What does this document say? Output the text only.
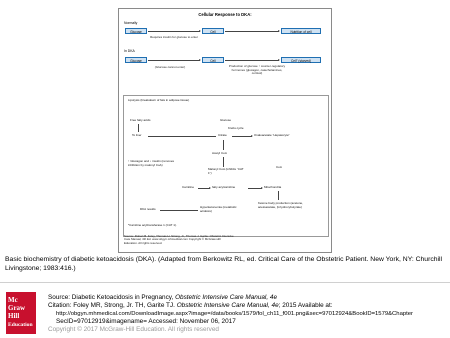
Cellular Response to DKA:
Normally
Glucose	Cell	Nutrition of cell
Requires insulin for glucose to enter
In DKA
Glucose	Cell	Cell” (starved)
(Glucose cannot enter)	Production of glucose ↑ counter-regulatory hormones (glucagon, catecholamines, cortisol)
Lipolysis (breakdown of fats in adipose tissue)
Free fatty acids
To liver
Glucose
Krebs cycle
Citrate	Oxaloacetate “Hepatocyte”
Acetyl CoA
↑ Glucagon and ↓ insulin (removes inhibition by malonyl CoA)
Malonyl CoA (inhibits “CAT 1”)
CoA
Carnitine	fatty acylcarnitine	Mitochondria
Ketone body production (acetone, acetoacetate, β-hydroxybutyrate)
DKA results	Hyperketonemia (metabolic acidosis)
*Carnitine acyltransferase 1 (CAT 1).
Source: Robert B. Foley, Thomas H. Strong, Jr., Thomas J. Garite: Obstetric Intensive Care Manual, 4th Ed. www.obgyn.mhmedical.com Copyright © McGraw-Hill Education. All rights reserved.
Basic biochemistry of diabetic ketoacidosis (DKA). (Adapted from Berkowitz RL, ed. Critical Care of the Obstetric Patient. New York, NY: Churchill Livingstone; 1983:416.)
Mc
Graw
Hill
Education
Source: Diabetic Ketoacidosis in Pregnancy, Obstetric Intensive Care Manual, 4e
Citation: Foley MR, Strong, Jr. TH, Garite TJ. Obstetric Intensive Care Manual, 4e; 2015 Available at:
http://obgyn.mhmedical.com/DownloadImage.aspx?image=/data/books/1579/fol_ch11_f001.png&sec=97012924&BookID=1579&Chapter
SecID=97012919&imagename= Accessed: November 06, 2017
Copyright © 2017 McGraw-Hill Education. All rights reserved
